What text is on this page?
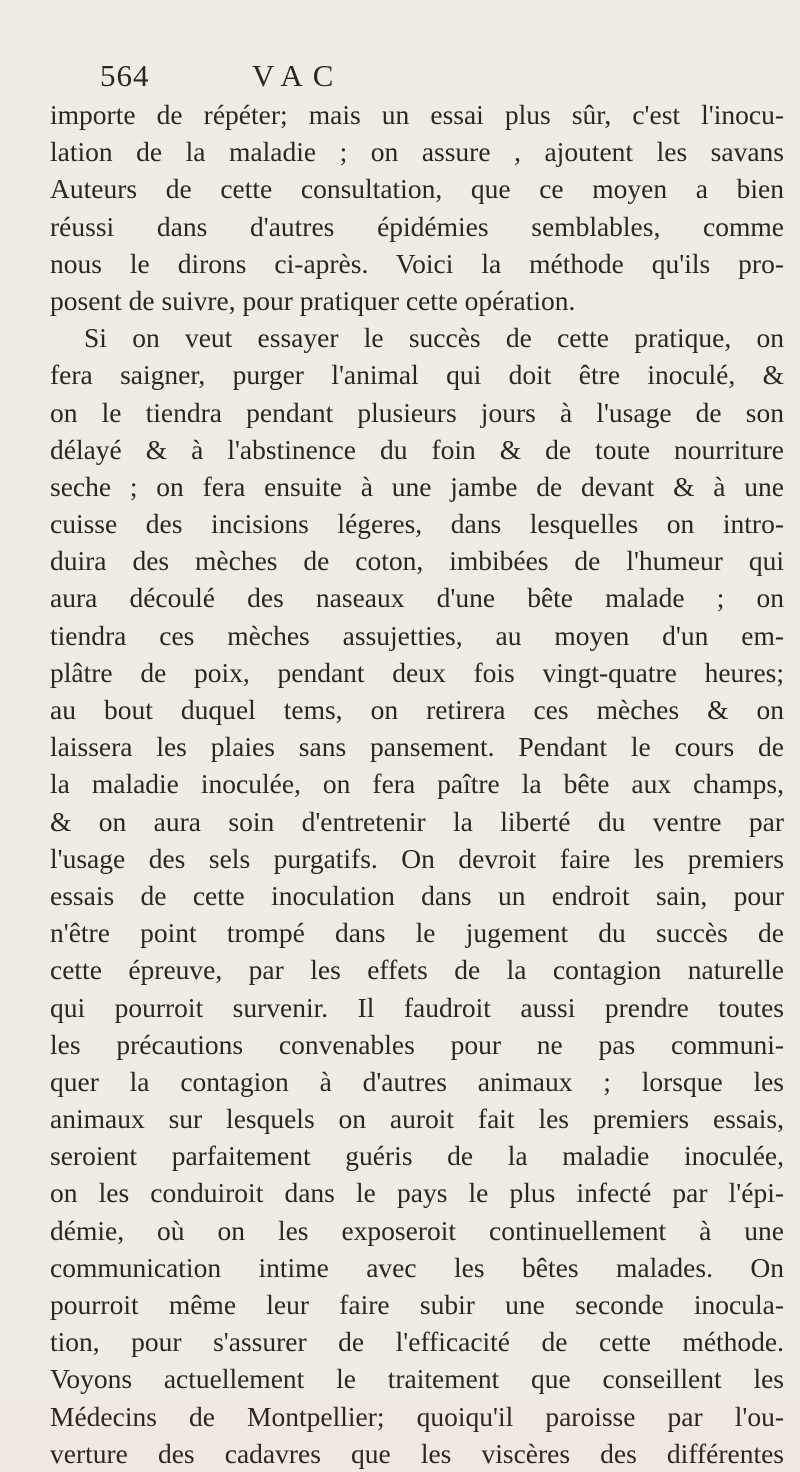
564	VAC
importe de répéter; mais un essai plus sûr, c'est l'inocu-
lation de la maladie ; on assure , ajoutent les savans
Auteurs de cette consultation, que ce moyen a bien
réussi dans d'autres épidémies semblables, comme
nous le dirons ci-après. Voici la méthode qu'ils pro-
posent de suivre, pour pratiquer cette opération.
Si on veut essayer le succès de cette pratique, on
fera saigner, purger l'animal qui doit être inoculé, &
on le tiendra pendant plusieurs jours à l'usage de son
délayé & à l'abstinence du foin & de toute nourriture
seche ; on fera ensuite à une jambe de devant & à une
cuisse des incisions légeres, dans lesquelles on intro-
duira des mèches de coton, imbibées de l'humeur qui
aura découlé des naseaux d'une bête malade ; on
tiendra ces mèches assujetties, au moyen d'un em-
plâtre de poix, pendant deux fois vingt-quatre heures;
au bout duquel tems, on retirera ces mèches & on
laissera les plaies sans pansement. Pendant le cours de
la maladie inoculée, on fera paître la bête aux champs,
& on aura soin d'entretenir la liberté du ventre par
l'usage des sels purgatifs. On devroit faire les premiers
essais de cette inoculation dans un endroit sain, pour
n'être point trompé dans le jugement du succès de
cette épreuve, par les effets de la contagion naturelle
qui pourroit survenir. Il faudroit aussi prendre toutes
les précautions convenables pour ne pas communi-
quer la contagion à d'autres animaux ; lorsque les
animaux sur lesquels on auroit fait les premiers essais,
seroient parfaitement guéris de la maladie inoculée,
on les conduiroit dans le pays le plus infecté par l'épi-
démie, où on les exposeroit continuellement à une
communication intime avec les bêtes malades. On
pourroit même leur faire subir une seconde inocula-
tion, pour s'assurer de l'efficacité de cette méthode.
Voyons actuellement le traitement que conseillent les
Médecins de Montpellier; quoiqu'il paroisse par l'ou-
verture des cadavres que les viscères des différentes
